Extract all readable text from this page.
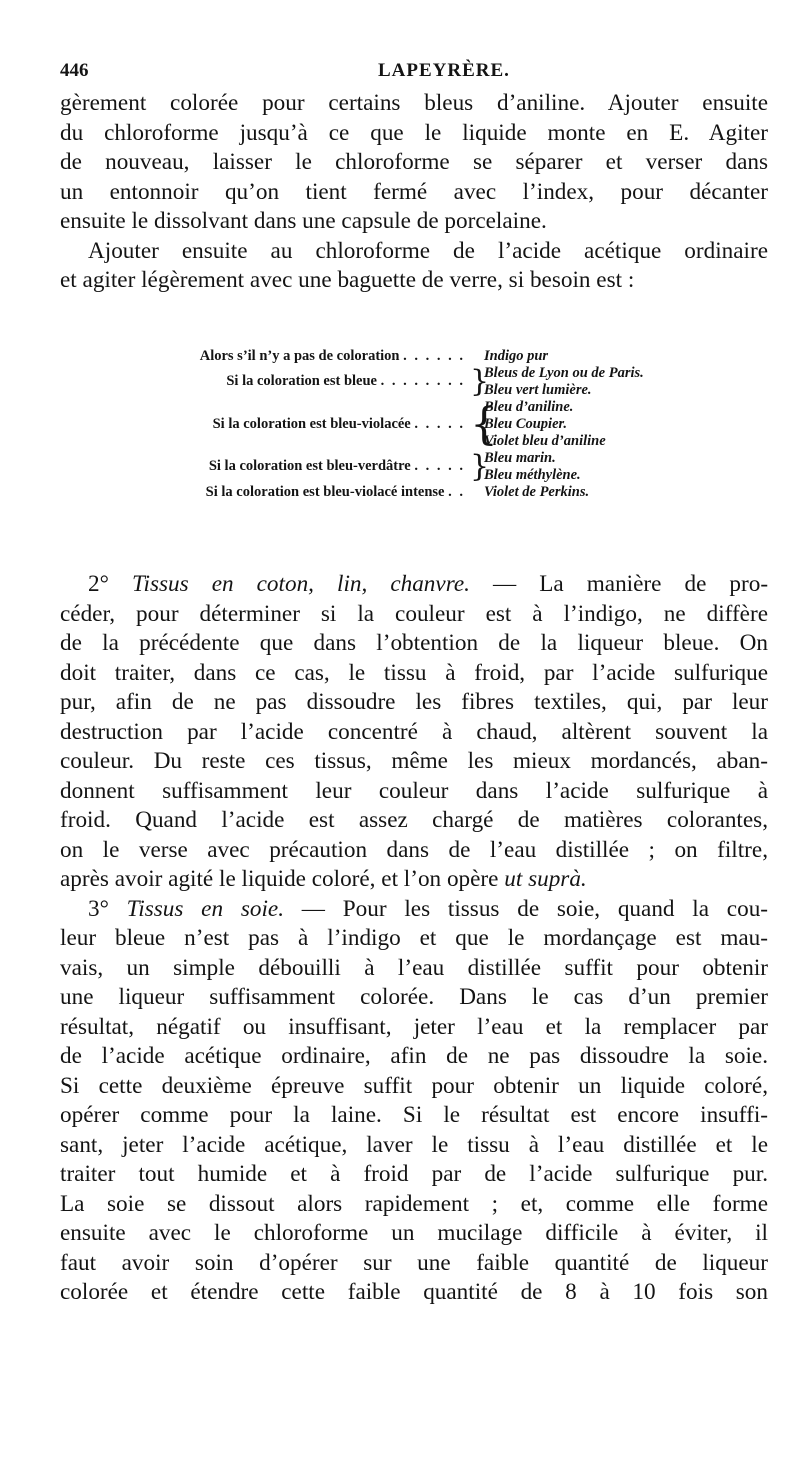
446	LAPEYRÈRE.
gèrement colorée pour certains bleus d’aniline. Ajouter ensuite
du chloroforme jusqu’à ce que le liquide monte en E. Agiter
de nouveau, laisser le chloroforme se séparer et verser dans
un entonnoir qu’on tient fermé avec l’index, pour décanter
ensuite le dissolvant dans une capsule de porcelaine.
Ajouter ensuite au chloroforme de l’acide acétique ordinaire
et agiter légèrement avec une baguette de verre, si besoin est :
Alors s’il n’y a pas de coloration . . . . . . Indigo pur
Si la coloration est bleue . . . . . . . . }
Bleus de Lyon ou de Paris.
Bleu vert lumière.
Si la coloration est bleu-violacée . . . . . {
Bleu d’aniline.
Bleu Coupier.
Violet bleu d’aniline
Si la coloration est bleu-verdâtre . . . . . }
Bleu marin.
Bleu méthylène.
Si la coloration est bleu-violacé intense . . Violet de Perkins.
2° Tissus en coton, lin, chanvre. — La manière de pro-
céder, pour déterminer si la couleur est à l’indigo, ne diffère
de la précédente que dans l’obtention de la liqueur bleue. On
doit traiter, dans ce cas, le tissu à froid, par l’acide sulfurique
pur, afin de ne pas dissoudre les fibres textiles, qui, par leur
destruction par l’acide concentré à chaud, altèrent souvent la
couleur. Du reste ces tissus, même les mieux mordancés, aban-
donnent suffisamment leur couleur dans l’acide sulfurique à
froid. Quand l’acide est assez chargé de matières colorantes,
on le verse avec précaution dans de l’eau distillée ; on filtre,
après avoir agité le liquide coloré, et l’on opère ut suprà.
3° Tissus en soie. — Pour les tissus de soie, quand la cou-
leur bleue n’est pas à l’indigo et que le mordançage est mau-
vais, un simple débouilli à l’eau distillée suffit pour obtenir
une liqueur suffisamment colorée. Dans le cas d’un premier
résultat, négatif ou insuffisant, jeter l’eau et la remplacer par
de l’acide acétique ordinaire, afin de ne pas dissoudre la soie.
Si cette deuxième épreuve suffit pour obtenir un liquide coloré,
opérer comme pour la laine. Si le résultat est encore insuffi-
sant, jeter l’acide acétique, laver le tissu à l’eau distillée et le
traiter tout humide et à froid par de l’acide sulfurique pur.
La soie se dissout alors rapidement ; et, comme elle forme
ensuite avec le chloroforme un mucilage difficile à éviter, il
faut avoir soin d’opérer sur une faible quantité de liqueur
colorée et étendre cette faible quantité de 8 à 10 fois son
